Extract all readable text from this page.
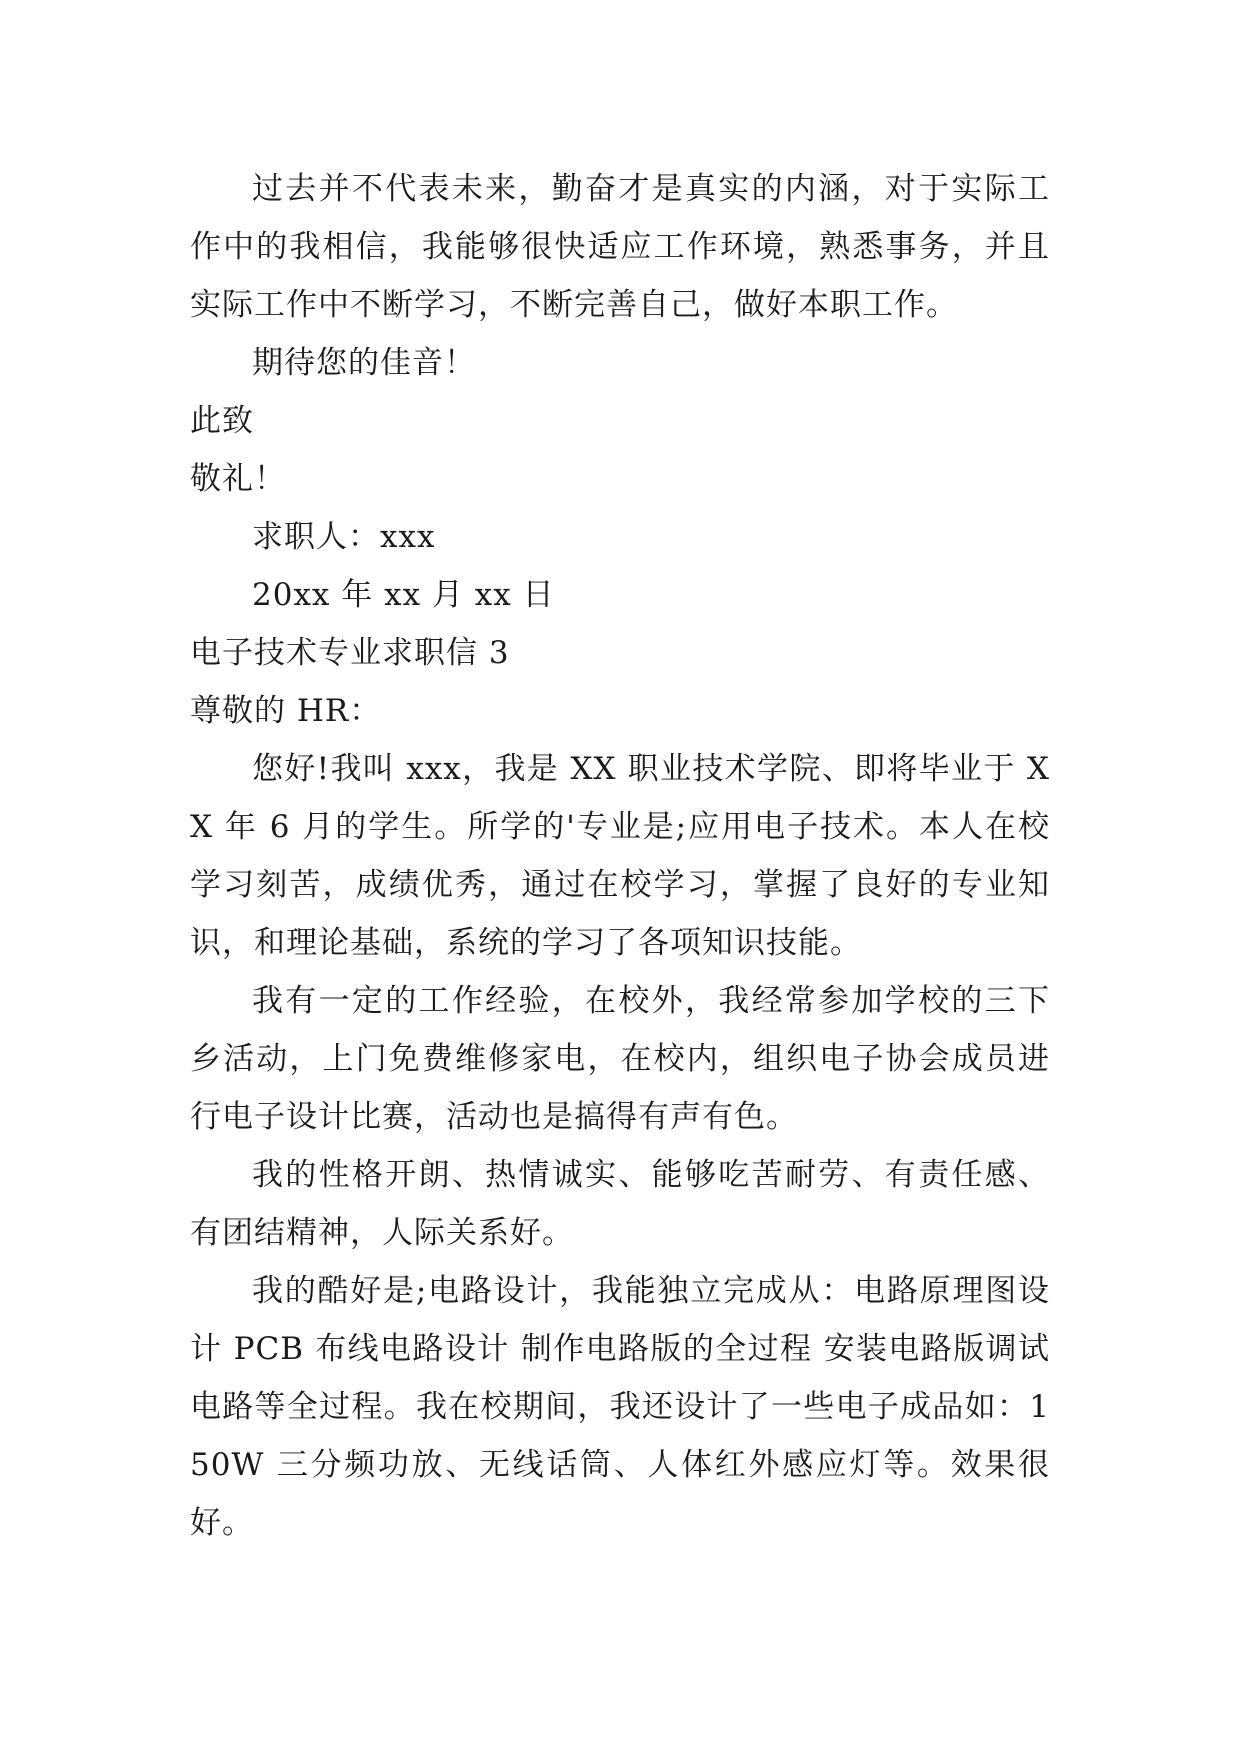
过去并不代表未来，勤奋才是真实的内涵，对于实际工作中的我相信，我能够很快适应工作环境，熟悉事务，并且实际工作中不断学习，不断完善自己，做好本职工作。

期待您的佳音！

此致

敬礼！

求职人：xxx

20xx 年 xx 月 xx 日

电子技术专业求职信 3

尊敬的 HR：

您好!我叫 xxx，我是 XX 职业技术学院、即将毕业于 XX 年 6 月的学生。所学的'专业是;应用电子技术。本人在校学习刻苦，成绩优秀，通过在校学习，掌握了良好的专业知识，和理论基础，系统的学习了各项知识技能。

我有一定的工作经验，在校外，我经常参加学校的三下乡活动，上门免费维修家电，在校内，组织电子协会成员进行电子设计比赛，活动也是搞得有声有色。

我的性格开朗、热情诚实、能够吃苦耐劳、有责任感、有团结精神，人际关系好。

我的酷好是;电路设计，我能独立完成从：电路原理图设计 PCB 布线电路设计 制作电路版的全过程 安装电路版调试电路等全过程。我在校期间，我还设计了一些电子成品如：150W 三分频功放、无线话筒、人体红外感应灯等。效果很好。
